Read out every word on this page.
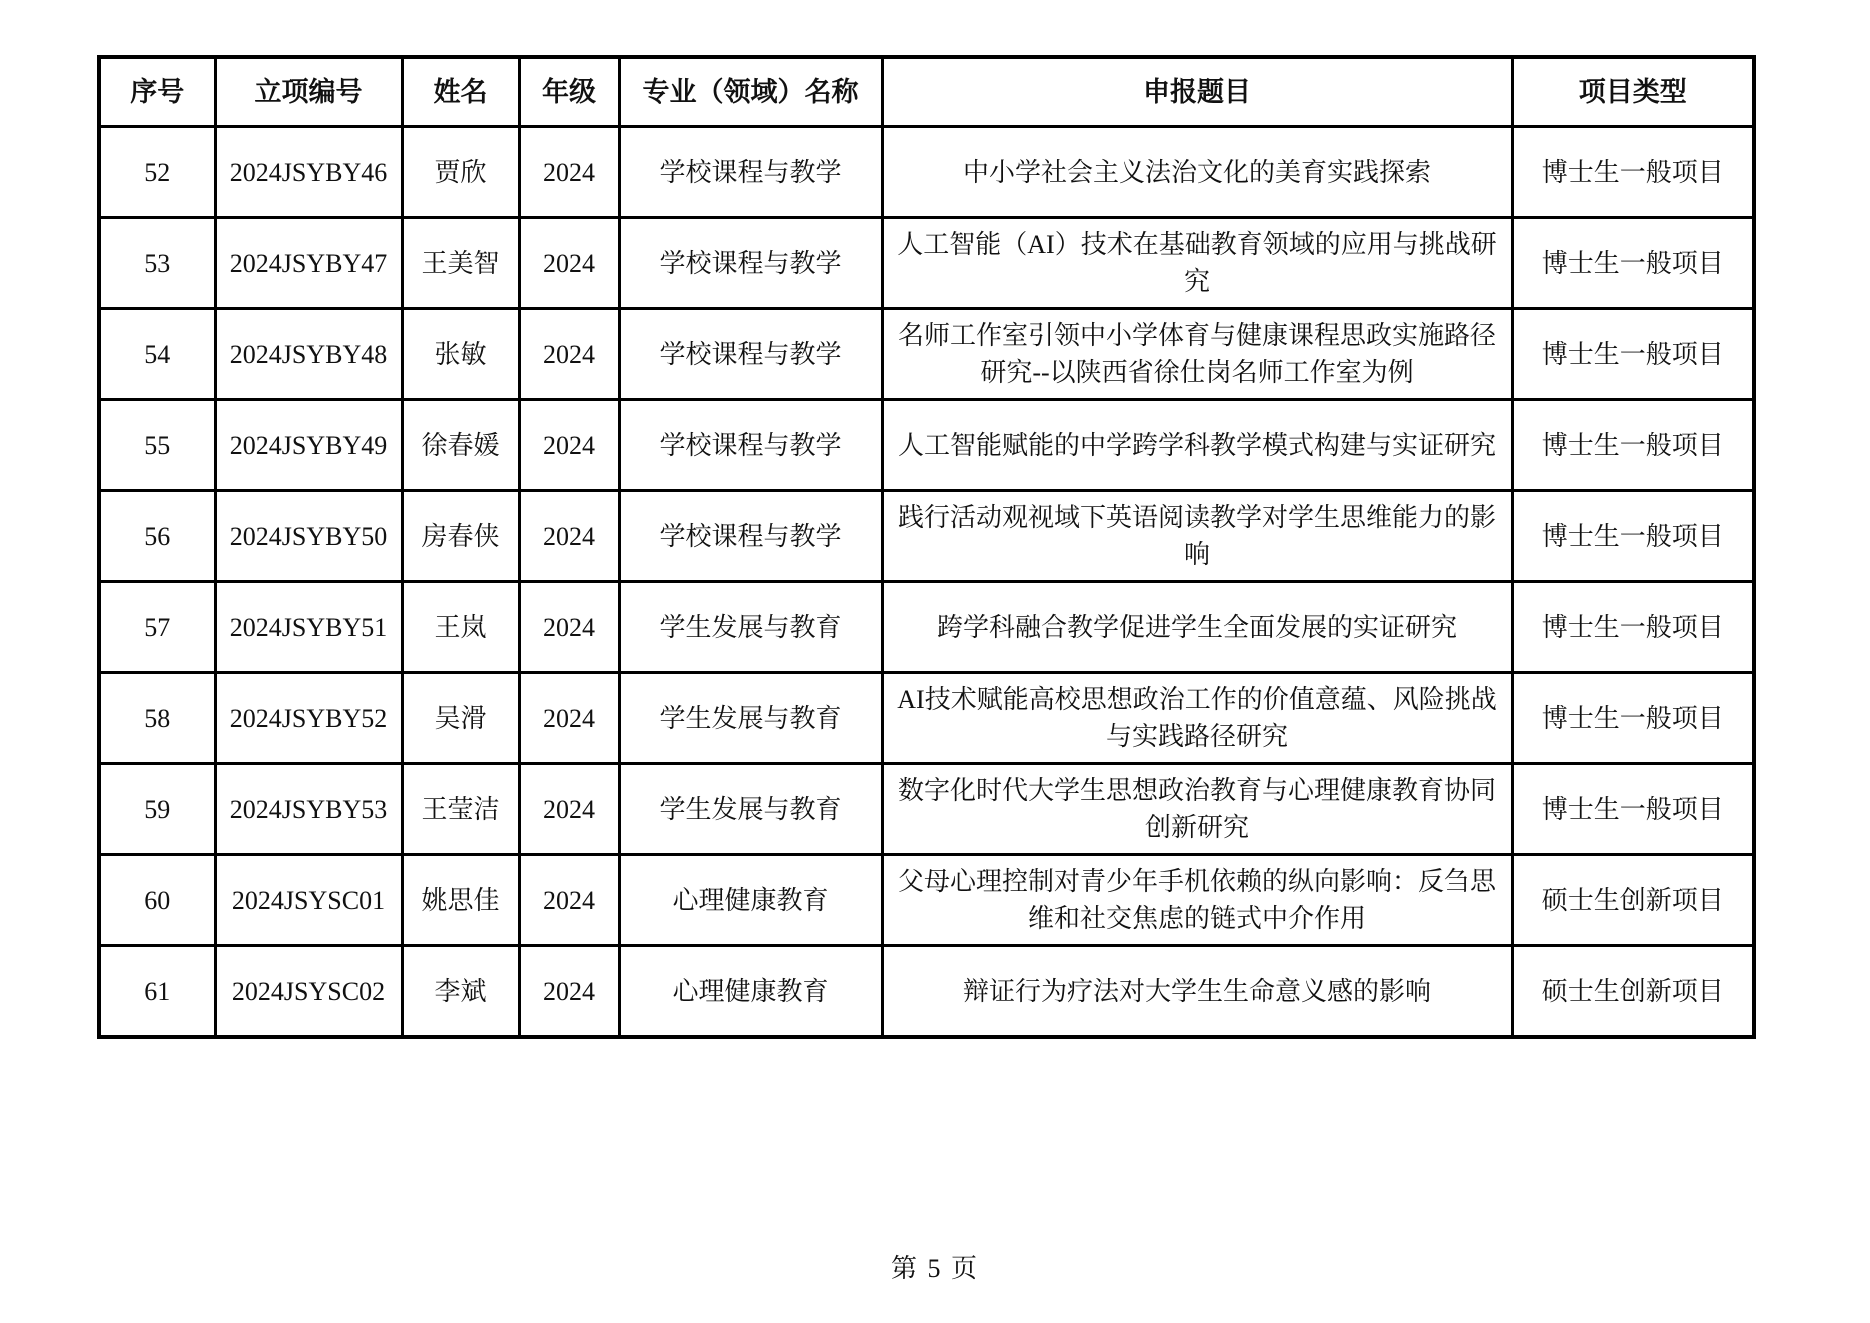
序号	立项编号	姓名	年级	专业（领域）名称	申报题目	项目类型
52	2024JSYBY46	贾欣	2024	学校课程与教学	中小学社会主义法治文化的美育实践探索	博士生一般项目
53	2024JSYBY47	王美智	2024	学校课程与教学	人工智能（AI）技术在基础教育领域的应用与挑战研究	博士生一般项目
54	2024JSYBY48	张敏	2024	学校课程与教学	名师工作室引领中小学体育与健康课程思政实施路径研究--以陕西省徐仕岗名师工作室为例	博士生一般项目
55	2024JSYBY49	徐春媛	2024	学校课程与教学	人工智能赋能的中学跨学科教学模式构建与实证研究	博士生一般项目
56	2024JSYBY50	房春侠	2024	学校课程与教学	践行活动观视域下英语阅读教学对学生思维能力的影响	博士生一般项目
57	2024JSYBY51	王岚	2024	学生发展与教育	跨学科融合教学促进学生全面发展的实证研究	博士生一般项目
58	2024JSYBY52	吴滑	2024	学生发展与教育	AI技术赋能高校思想政治工作的价值意蕴、风险挑战与实践路径研究	博士生一般项目
59	2024JSYBY53	王莹洁	2024	学生发展与教育	数字化时代大学生思想政治教育与心理健康教育协同创新研究	博士生一般项目
60	2024JSYSC01	姚思佳	2024	心理健康教育	父母心理控制对青少年手机依赖的纵向影响：反刍思维和社交焦虑的链式中介作用	硕士生创新项目
61	2024JSYSC02	李斌	2024	心理健康教育	辩证行为疗法对大学生生命意义感的影响	硕士生创新项目
第 5 页
